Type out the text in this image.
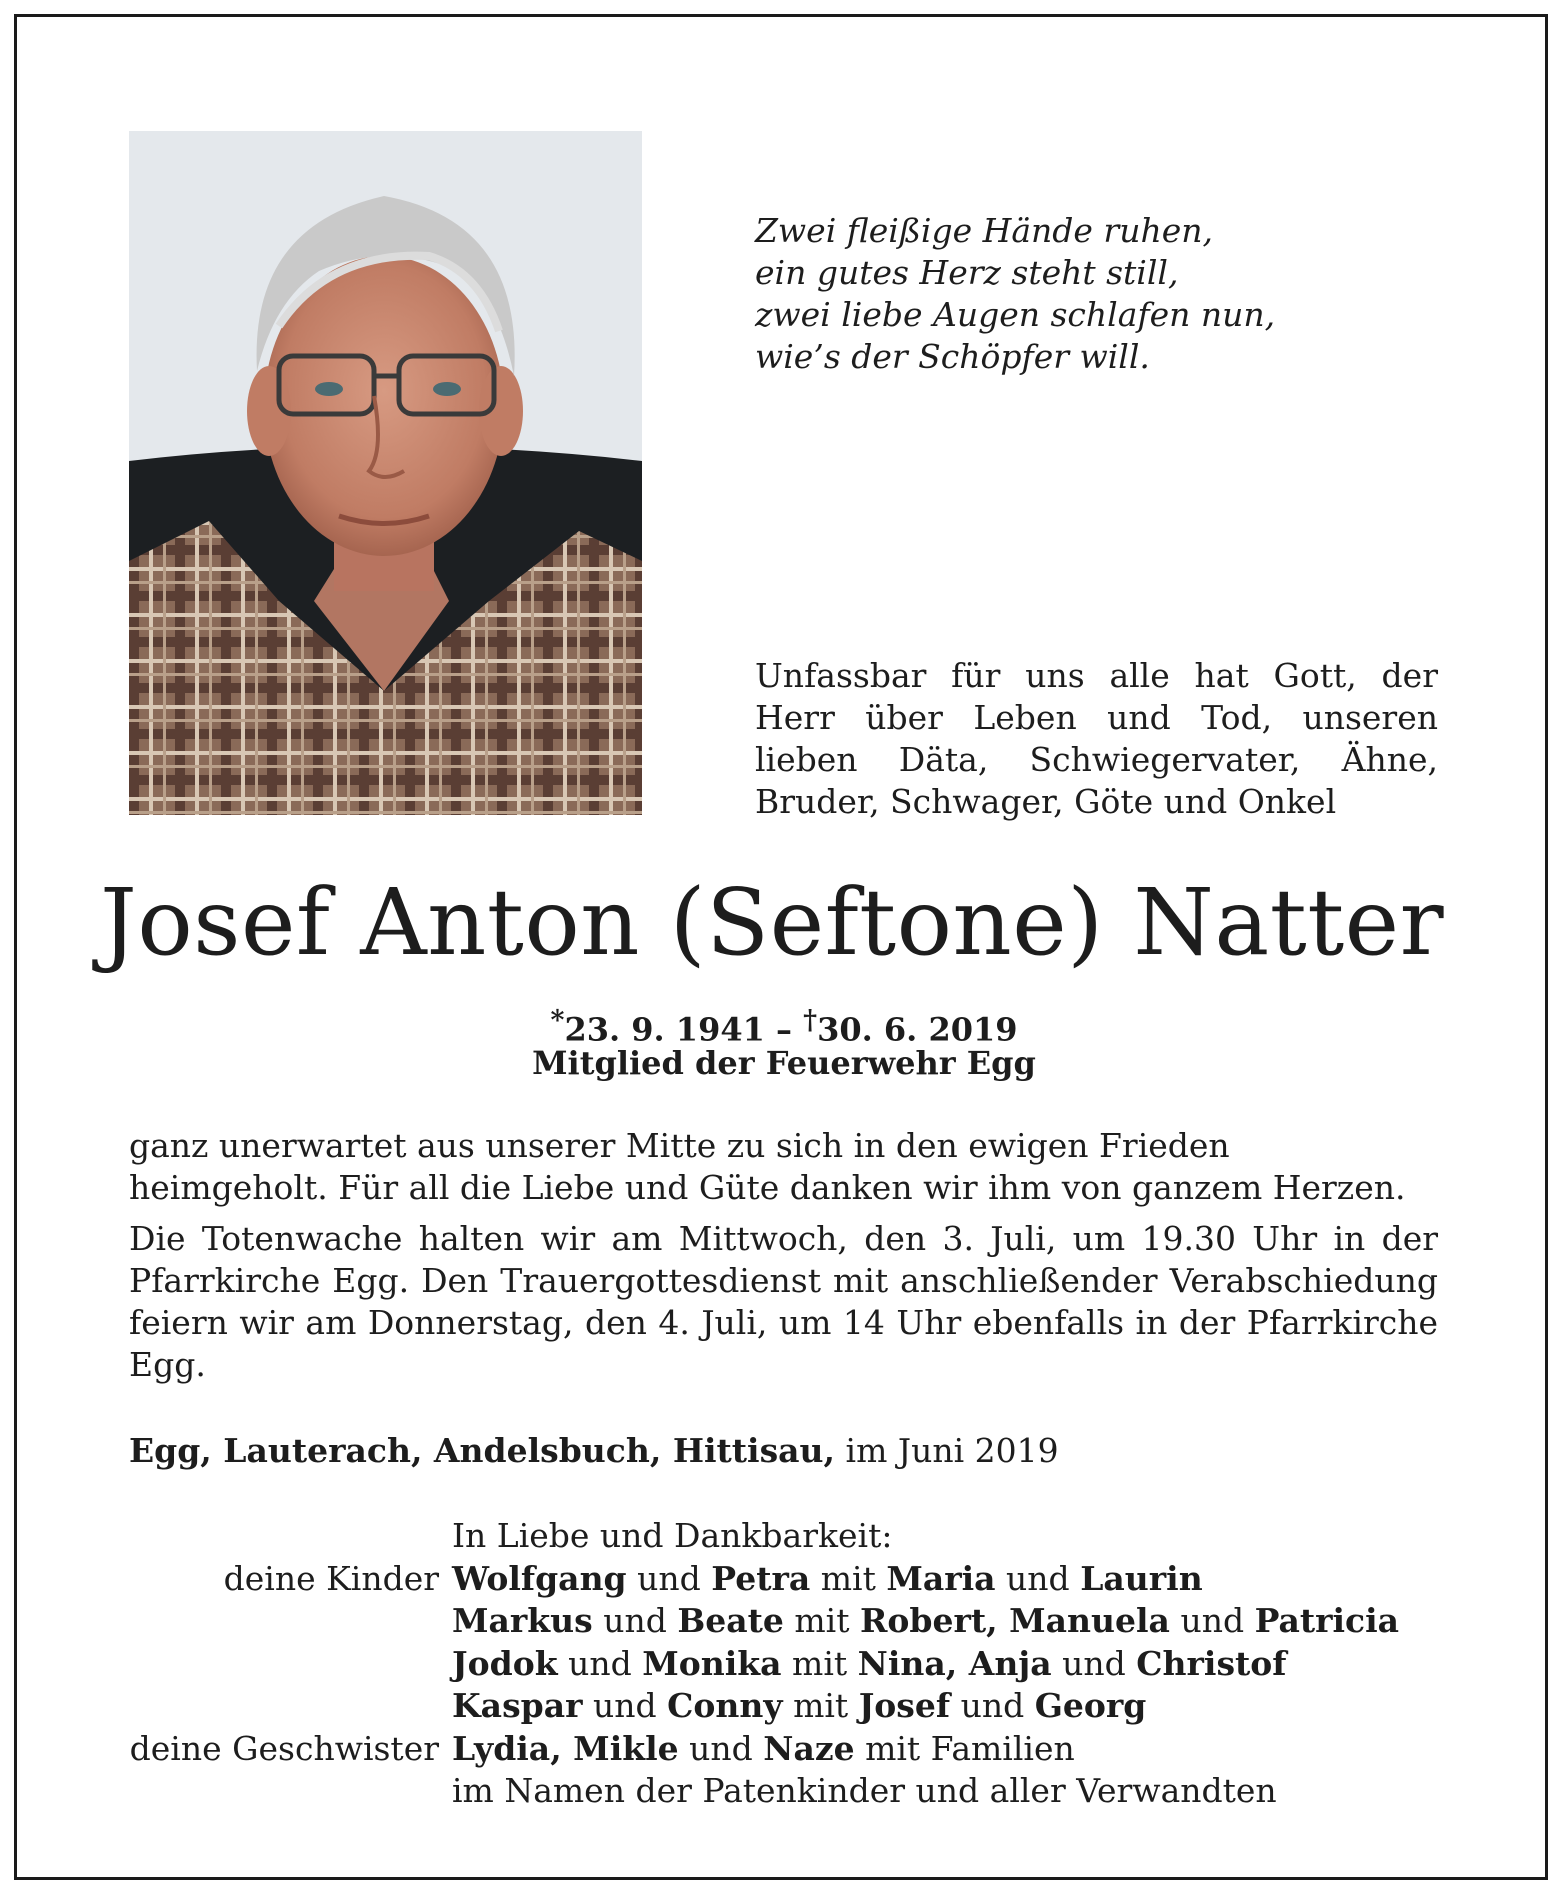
Zwei fleißige Hände ruhen,
ein gutes Herz steht still,
zwei liebe Augen schlafen nun,
wie’s der Schöpfer will.
Unfassbar für uns alle hat Gott, der Herr über Leben und Tod, unseren lieben Däta, Schwiegervater, Ähne, Bruder, Schwager, Göte und Onkel
Josef Anton (Seftone) Natter
*23. 9. 1941 – †30. 6. 2019
Mitglied der Feuerwehr Egg

ganz unerwartet aus unserer Mitte zu sich in den ewigen Frieden heimgeholt. Für all die Liebe und Güte danken wir ihm von ganzem Herzen.

Die Totenwache halten wir am Mittwoch, den 3. Juli, um 19.30 Uhr in der Pfarrkirche Egg. Den Trauergottesdienst mit anschließender Verabschiedung feiern wir am Donnerstag, den 4. Juli, um 14 Uhr ebenfalls in der Pfarrkirche Egg.

Egg, Lauterach, Andelsbuch, Hittisau, im Juni 2019
In Liebe und Dankbarkeit:
deine Kinder Wolfgang und Petra mit Maria und Laurin
Markus und Beate mit Robert, Manuela und Patricia
Jodok und Monika mit Nina, Anja und Christof
Kaspar und Conny mit Josef und Georg
deine Geschwister Lydia, Mikle und Naze mit Familien
im Namen der Patenkinder und aller Verwandten
